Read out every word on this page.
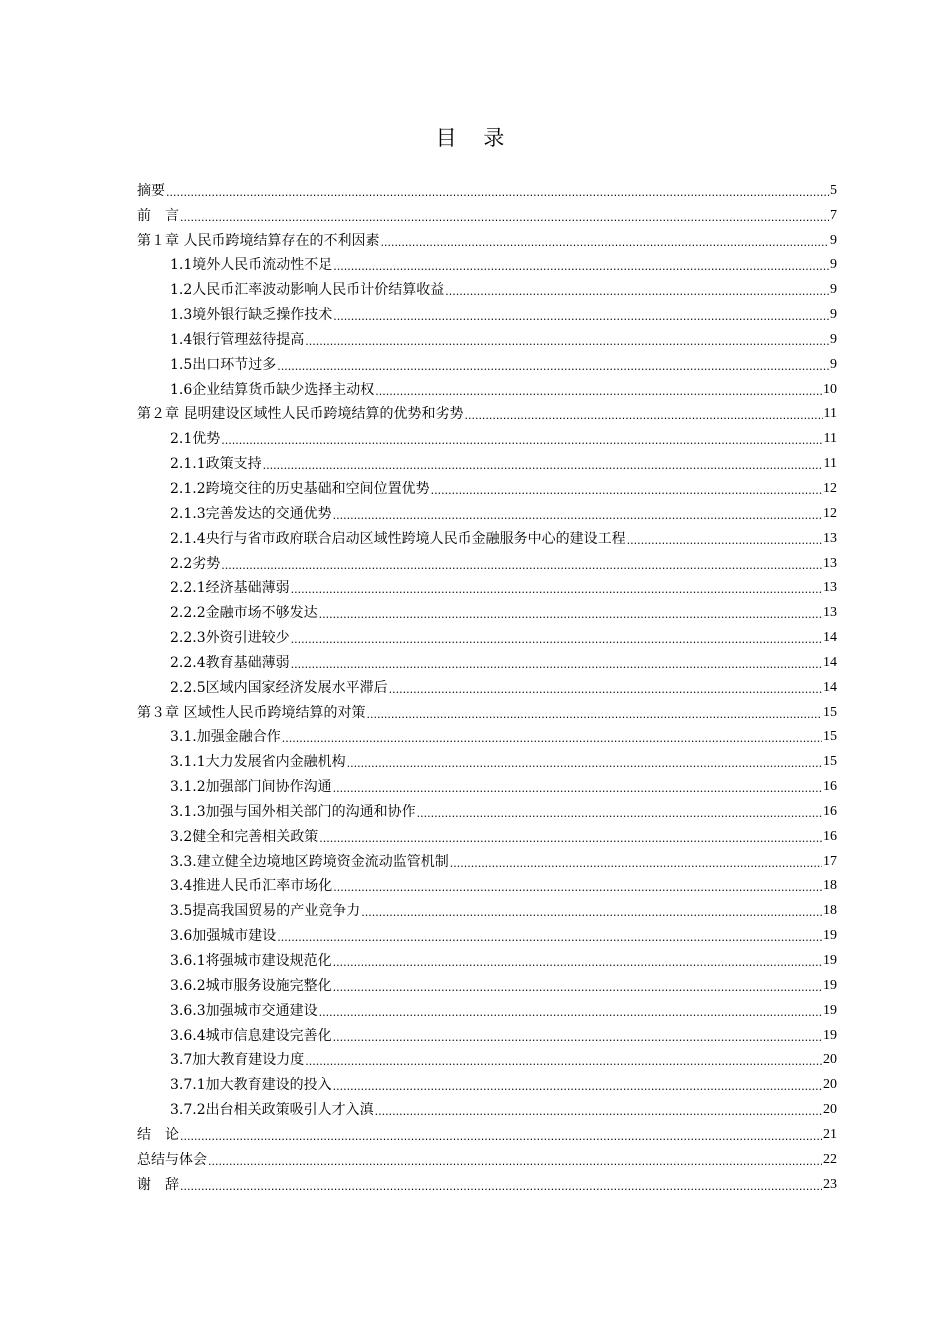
目 录
摘要 .....	5
前　言 .....	7
第１章 人民币跨境结算存在的不利因素 .....	9
1.1境外人民币流动性不足 .....	9
1.2人民币汇率波动影响人民币计价结算收益 .....	9
1.3境外银行缺乏操作技术 .....	9
1.4银行管理兹待提高 .....	9
1.5出口环节过多 .....	9
1.6企业结算货币缺少选择主动权 .....	10
第２章 昆明建设区域性人民币跨境结算的优势和劣势 .....	11
2.1优势 .....	11
2.1.1政策支持 .....	11
2.1.2跨境交往的历史基础和空间位置优势 .....	12
2.1.3完善发达的交通优势 .....	12
2.1.4央行与省市政府联合启动区域性跨境人民币金融服务中心的建设工程 .....	13
2.2劣势 .....	13
2.2.1经济基础薄弱 .....	13
2.2.2金融市场不够发达 .....	13
2.2.3外资引进较少 .....	14
2.2.4教育基础薄弱 .....	14
2.2.5区域内国家经济发展水平滞后 .....	14
第３章 区域性人民币跨境结算的对策 .....	15
3.1.加强金融合作 .....	15
3.1.1大力发展省内金融机构 .....	15
3.1.2加强部门间协作沟通 .....	16
3.1.3加强与国外相关部门的沟通和协作 .....	16
3.2健全和完善相关政策 .....	16
3.3.建立健全边境地区跨境资金流动监管机制 .....	17
3.4推进人民币汇率市场化 .....	18
3.5提高我国贸易的产业竞争力 .....	18
3.6加强城市建设 .....	19
3.6.1将强城市建设规范化 .....	19
3.6.2城市服务设施完整化 .....	19
3.6.3加强城市交通建设 .....	19
3.6.4城市信息建设完善化 .....	19
3.7加大教育建设力度 .....	20
3.7.1加大教育建设的投入 .....	20
3.7.2出台相关政策吸引人才入滇 .....	20
结　论 .....	21
总结与体会 .....	22
谢　辞 .....	23
